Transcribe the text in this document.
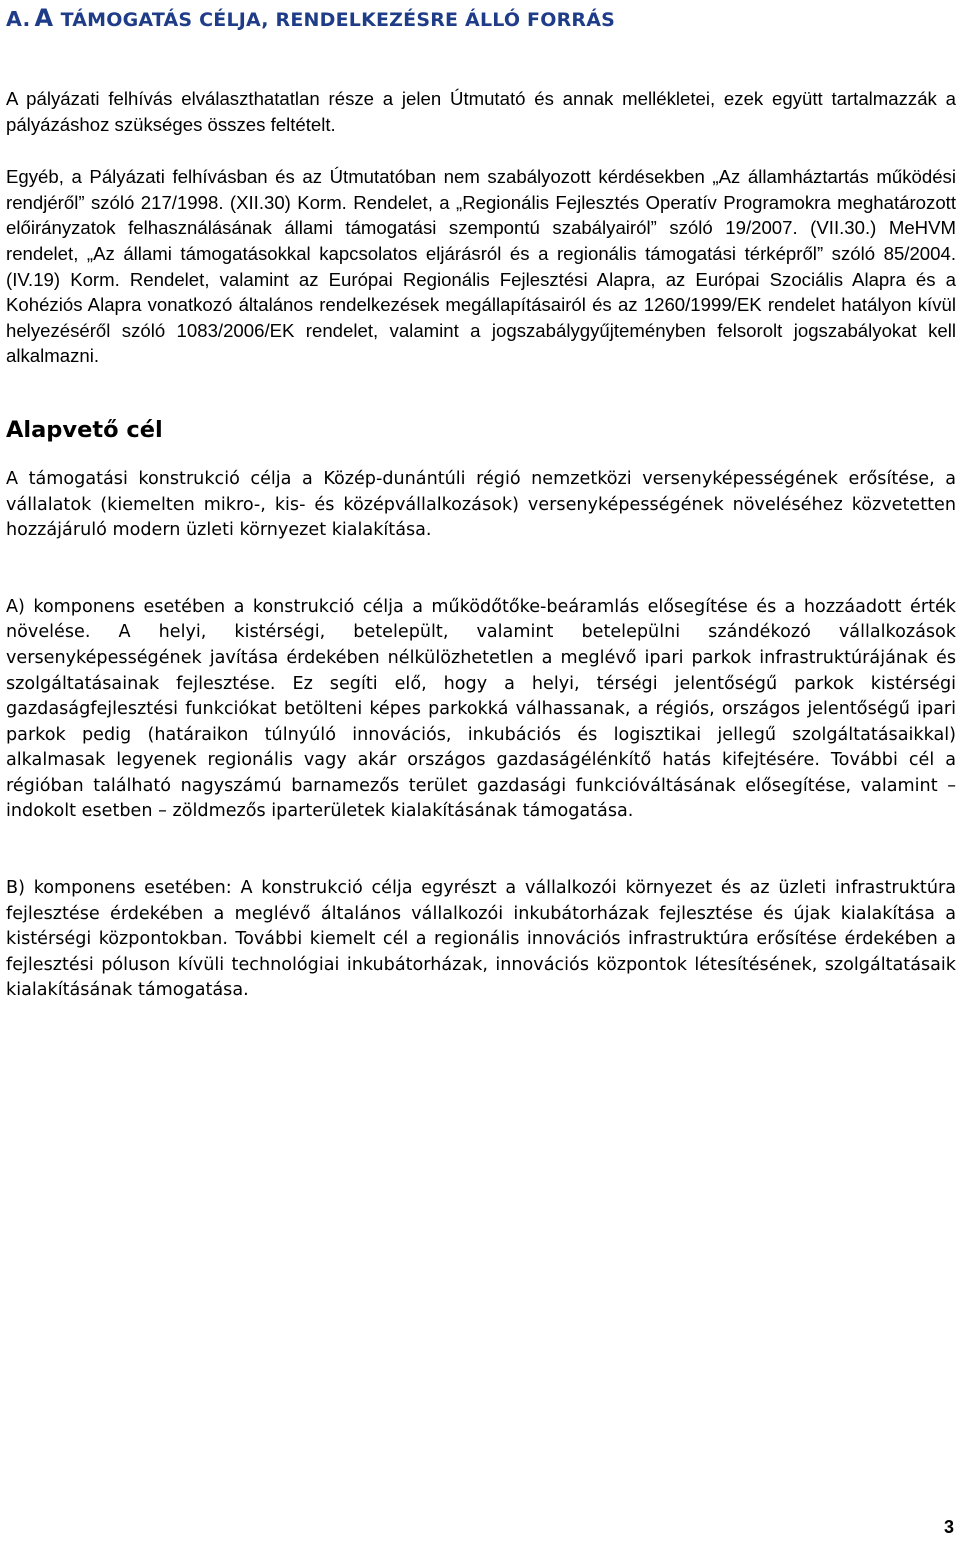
A. A TÁMOGATÁS CÉLJA, RENDELKEZÉSRE ÁLLÓ FORRÁS

A pályázati felhívás elválaszthatatlan része a jelen Útmutató és annak mellékletei, ezek együtt tartalmazzák a pályázáshoz szükséges összes feltételt.

Egyéb, a Pályázati felhívásban és az Útmutatóban nem szabályozott kérdésekben „Az államháztartás működési rendjéről” szóló 217/1998. (XII.30) Korm. Rendelet, a „Regionális Fejlesztés Operatív Programokra meghatározott előirányzatok felhasználásának állami támogatási szempontú szabályairól” szóló 19/2007. (VII.30.) MeHVM rendelet, „Az állami támogatásokkal kapcsolatos eljárásról és a regionális támogatási térképről” szóló 85/2004. (IV.19) Korm. Rendelet, valamint az Európai Regionális Fejlesztési Alapra, az Európai Szociális Alapra és a Kohéziós Alapra vonatkozó általános rendelkezések megállapításairól és az 1260/1999/EK rendelet hatályon kívül helyezéséről szóló 1083/2006/EK rendelet, valamint a jogszabálygyűjteményben felsorolt jogszabályokat kell alkalmazni.

Alapvető cél

A támogatási konstrukció célja a Közép-dunántúli régió nemzetközi versenyképességének erősítése, a vállalatok (kiemelten mikro-, kis- és középvállalkozások) versenyképességének növeléséhez közvetetten hozzájáruló modern üzleti környezet kialakítása.

A) komponens esetében a konstrukció célja a működőtőke-beáramlás elősegítése és a hozzáadott érték növelése. A helyi, kistérségi, betelepült, valamint betelepülni szándékozó vállalkozások versenyképességének javítása érdekében nélkülözhetetlen a meglévő ipari parkok infrastruktúrájának és szolgáltatásainak fejlesztése. Ez segíti elő, hogy a helyi, térségi jelentőségű parkok kistérségi gazdaságfejlesztési funkciókat betölteni képes parkokká válhassanak, a régiós, országos jelentőségű ipari parkok pedig (határaikon túlnyúló innovációs, inkubációs és logisztikai jellegű szolgáltatásaikkal) alkalmasak legyenek regionális vagy akár országos gazdaságélénkítő hatás kifejtésére. További cél a régióban található nagyszámú barnamezős terület gazdasági funkcióváltásának elősegítése, valamint – indokolt esetben – zöldmezős iparterületek kialakításának támogatása.

B) komponens esetében: A konstrukció célja egyrészt a vállalkozói környezet és az üzleti infrastruktúra fejlesztése érdekében a meglévő általános vállalkozói inkubátorházak fejlesztése és újak kialakítása a kistérségi központokban. További kiemelt cél a regionális innovációs infrastruktúra erősítése érdekében a fejlesztési póluson kívüli technológiai inkubátorházak, innovációs központok létesítésének, szolgáltatásaik kialakításának támogatása.

3
